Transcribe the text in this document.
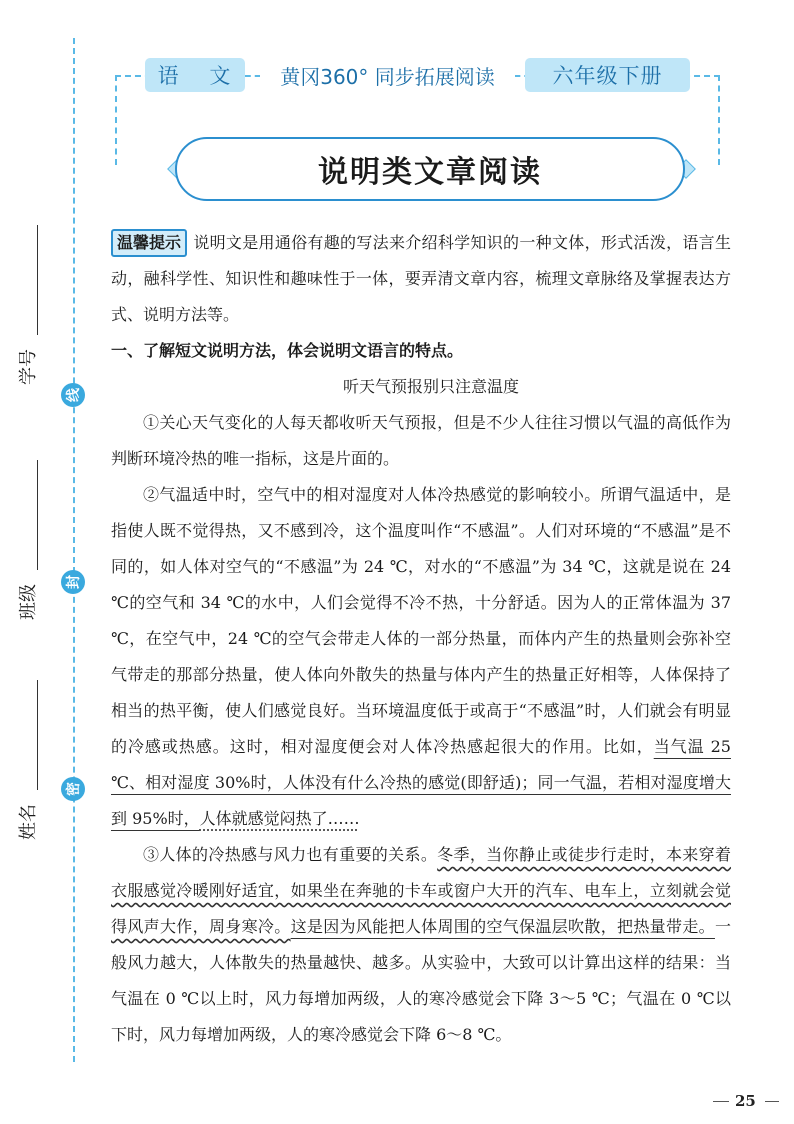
线
封
密
学号
班级
姓名
语 文	黄冈360° 同步拓展阅读	六年级下册
说明类文章阅读
温馨提示 说明文是用通俗有趣的写法来介绍科学知识的一种文体，形式活泼，语言生动，融科学性、知识性和趣味性于一体，要弄清文章内容，梳理文章脉络及掌握表达方式、说明方法等。
一、了解短文说明方法，体会说明文语言的特点。
听天气预报别只注意温度

①关心天气变化的人每天都收听天气预报，但是不少人往往习惯以气温的高低作为判断环境冷热的唯一指标，这是片面的。

②气温适中时，空气中的相对湿度对人体冷热感觉的影响较小。所谓气温适中，是指使人既不觉得热，又不感到冷，这个温度叫作“不感温”。人们对环境的“不感温”是不同的，如人体对空气的“不感温”为 24 ℃，对水的“不感温”为 34 ℃，这就是说在 24 ℃的空气和 34 ℃的水中，人们会觉得不冷不热，十分舒适。因为人的正常体温为 37 ℃，在空气中，24 ℃的空气会带走人体的一部分热量，而体内产生的热量则会弥补空气带走的那部分热量，使人体向外散失的热量与体内产生的热量正好相等，人体保持了相当的热平衡，使人们感觉良好。当环境温度低于或高于“不感温”时，人们就会有明显的冷感或热感。这时，相对湿度便会对人体冷热感起很大的作用。比如，当气温 25 ℃、相对湿度 30%时，人体没有什么冷热的感觉(即舒适)；同一气温，若相对湿度增大到 95%时，人体就感觉闷热了……

③人体的冷热感与风力也有重要的关系。冬季，当你静止或徒步行走时，本来穿着衣服感觉冷暖刚好适宜，如果坐在奔驰的卡车或窗户大开的汽车、电车上，立刻就会觉得风声大作，周身寒冷。这是因为风能把人体周围的空气保温层吹散，把热量带走。一般风力越大，人体散失的热量越快、越多。从实验中，大致可以计算出这样的结果：当气温在 0 ℃以上时，风力每增加两级，人的寒冷感觉会下降 3～5 ℃；气温在 0 ℃以下时，风力每增加两级，人的寒冷感觉会下降 6～8 ℃。

25
